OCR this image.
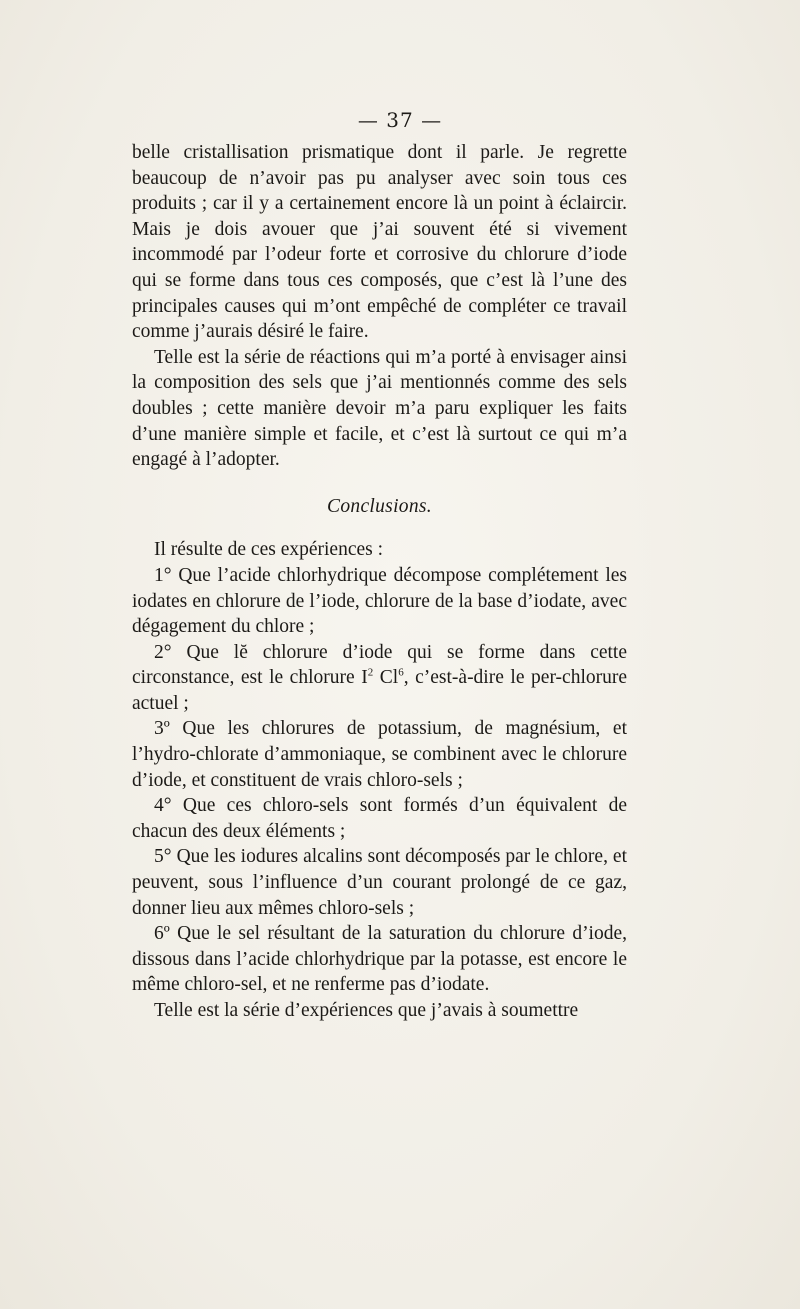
— 37 —

belle cristallisation prismatique dont il parle. Je regrette beaucoup de n’avoir pas pu analyser avec soin tous ces produits ; car il y a certainement encore là un point à éclaircir. Mais je dois avouer que j’ai souvent été si vivement incommodé par l’odeur forte et corrosive du chlorure d’iode qui se forme dans tous ces composés, que c’est là l’une des principales causes qui m’ont empêché de compléter ce travail comme j’aurais désiré le faire.

Telle est la série de réactions qui m’a porté à envisager ainsi la composition des sels que j’ai mentionnés comme des sels doubles ; cette manière devoir m’a paru expliquer les faits d’une manière simple et facile, et c’est là surtout ce qui m’a engagé à l’adopter.

Conclusions.

Il résulte de ces expériences :

1° Que l’acide chlorhydrique décompose complétement les iodates en chlorure de l’iode, chlorure de la base d’iodate, avec dégagement du chlore ;

2° Que lĕ chlorure d’iode qui se forme dans cette circonstance, est le chlorure $I^2$ Cl$^6$, c’est-à-dire le per-chlorure actuel ;

3º Que les chlorures de potassium, de magnésium, et l’hydro-chlorate d’ammoniaque, se combinent avec le chlorure d’iode, et constituent de vrais chloro-sels ;

4° Que ces chloro-sels sont formés d’un équivalent de chacun des deux éléments ;

5° Que les iodures alcalins sont décomposés par le chlore, et peuvent, sous l’influence d’un courant prolongé de ce gaz, donner lieu aux mêmes chloro-sels ;

6º Que le sel résultant de la saturation du chlorure d’iode, dissous dans l’acide chlorhydrique par la potasse, est encore le même chloro-sel, et ne renferme pas d’iodate.

Telle est la série d’expériences que j’avais à soumettre
